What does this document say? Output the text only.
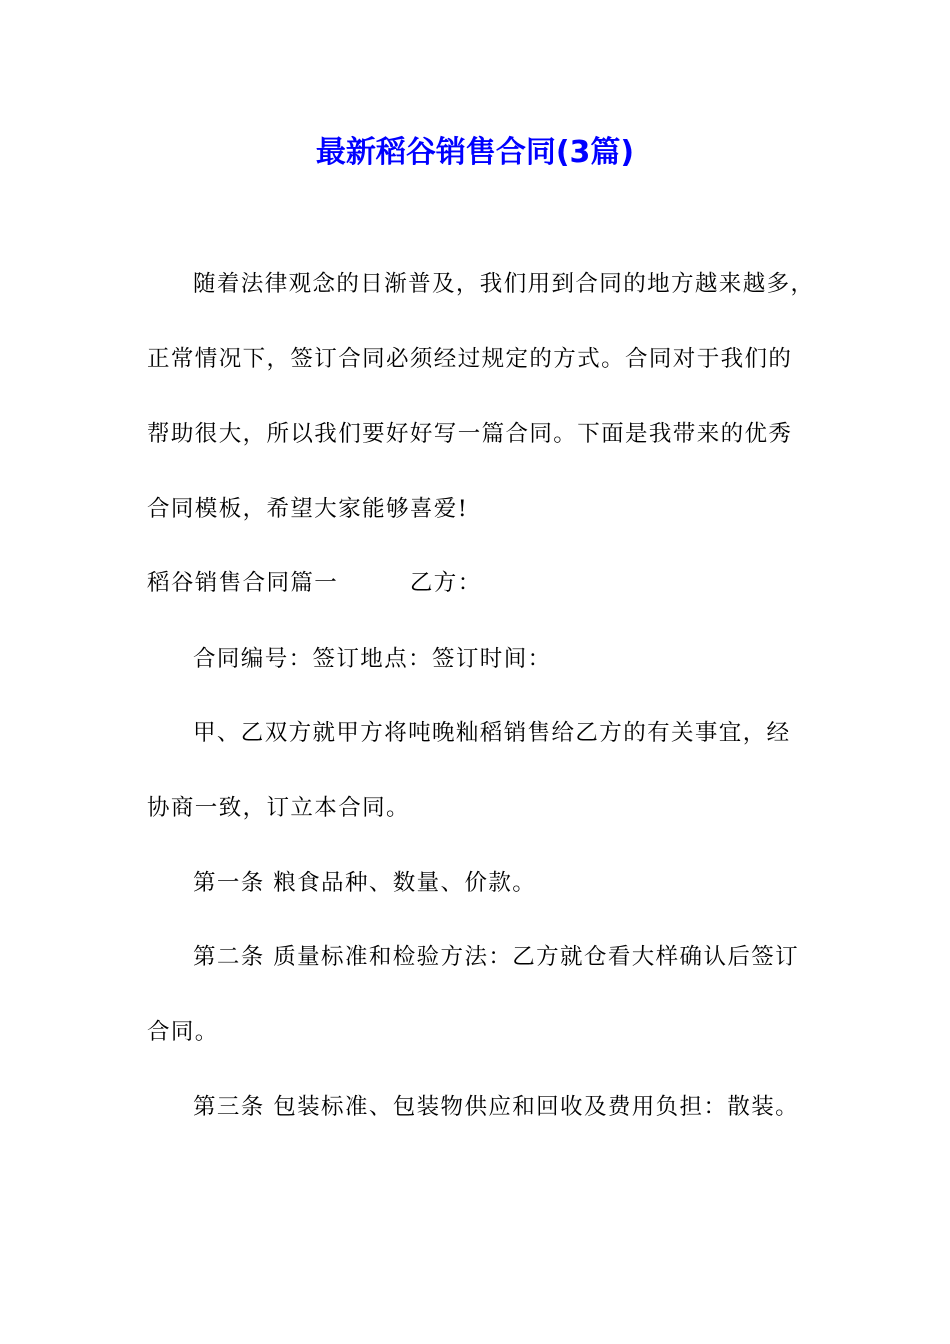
最新稻谷销售合同(3篇)
随着法律观念的日渐普及，我们用到合同的地方越来越多，
正常情况下，签订合同必须经过规定的方式。合同对于我们的
帮助很大，所以我们要好好写一篇合同。下面是我带来的优秀
合同模板，希望大家能够喜爱!
稻谷销售合同篇一　　　乙方：
合同编号：签订地点：签订时间：
甲、乙双方就甲方将吨晚籼稻销售给乙方的有关事宜，经
协商一致，订立本合同。
第一条 粮食品种、数量、价款。
第二条 质量标准和检验方法：乙方就仓看大样确认后签订
合同。
第三条 包装标准、包装物供应和回收及费用负担：散装。
